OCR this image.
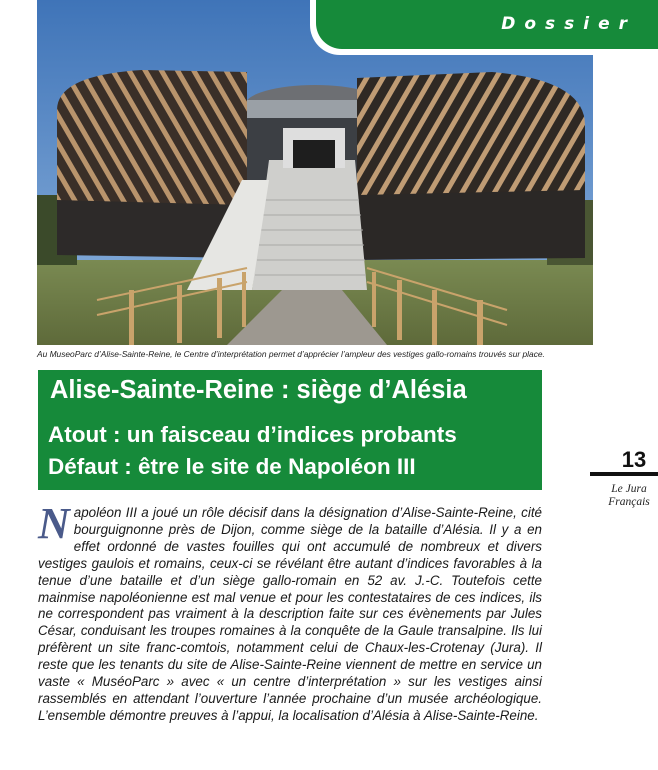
Dossier
Au MuseoParc d’Alise-Sainte-Reine, le Centre d’interprétation permet d’apprécier l’ampleur des vestiges gallo-romains trouvés sur place.
Alise-Sainte-Reine : siège d’Alésia
Atout : un faisceau d’indices probants
Défaut : être le site de Napoléon III	13
Le Jura Français
N apoléon III a joué un rôle décisif dans la désignation d’Alise-Sainte-Reine, cité bourguignonne près de Dijon, comme siège de la bataille d’Alésia. Il y a en effet ordonné de vastes fouilles qui ont accumulé de nombreux et divers vestiges gaulois et romains, ceux-ci se révélant être autant d’indices favorables à la tenue d’une bataille et d’un siège gallo-romain en 52 av. J.-C. Toutefois cette mainmise napoléonienne est mal venue et pour les contestataires de ces indices, ils ne correspondent pas vraiment à la description faite sur ces évènements par Jules César, conduisant les troupes romaines à la conquête de la Gaule transalpine. Ils lui préfèrent un site franc-comtois, notamment celui de Chaux-les-Crotenay (Jura). Il reste que les tenants du site de Alise-Sainte-Reine viennent de mettre en service un vaste « MuséoParc » avec « un centre d’interprétation » sur les vestiges ainsi rassemblés en attendant l’ouverture l’année prochaine d’un musée archéologique. L’ensemble démontre preuves à l’appui, la localisation d’Alésia à Alise-Sainte-Reine.
